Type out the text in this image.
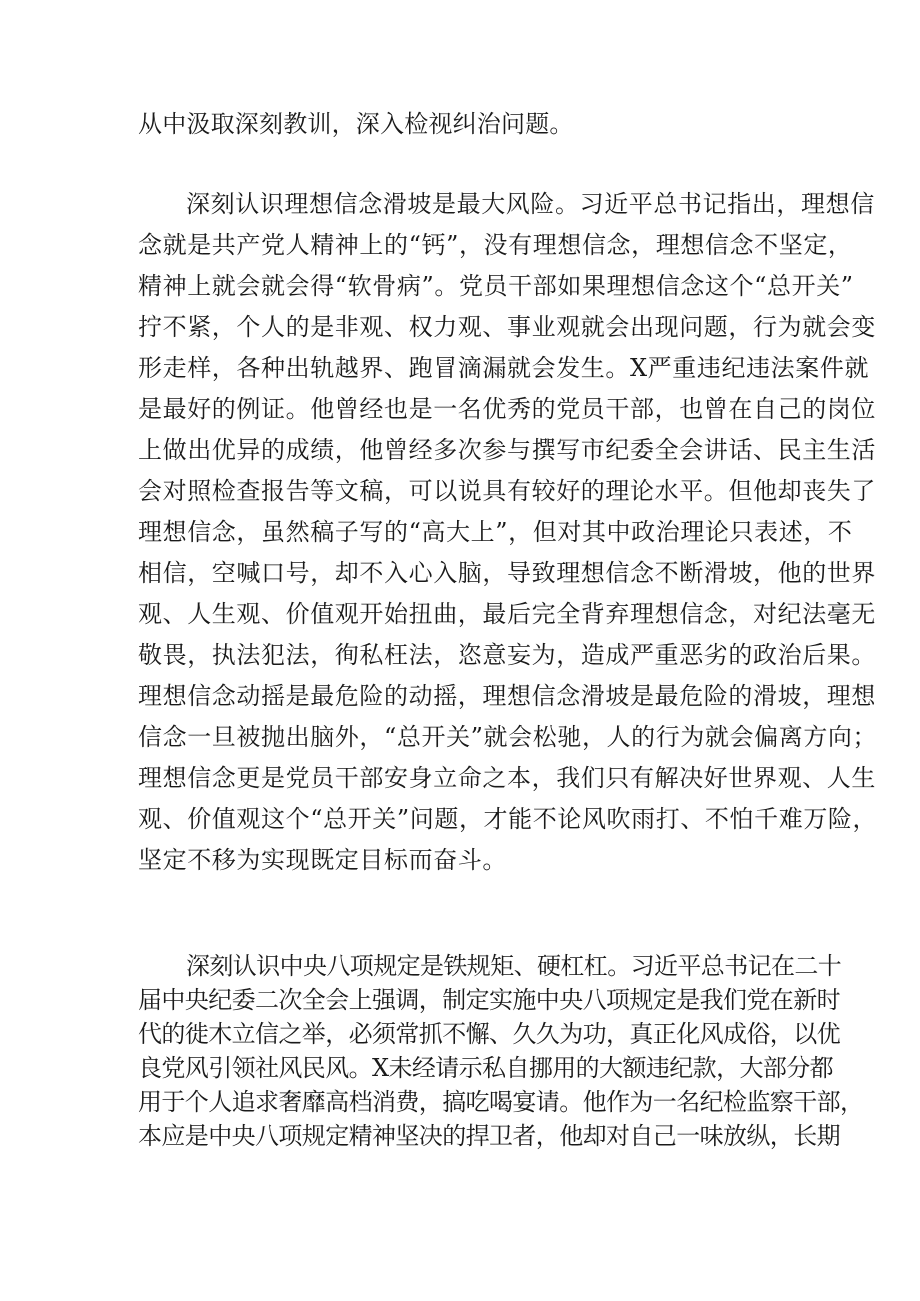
从中汲取深刻教训，深入检视纠治问题。
深刻认识理想信念滑坡是最大风险。习近平总书记指出，理想信
念就是共产党人精神上的“钙”，没有理想信念，理想信念不坚定，
精神上就会就会得“软骨病”。党员干部如果理想信念这个“总开关”
拧不紧，个人的是非观、权力观、事业观就会出现问题，行为就会变
形走样，各种出轨越界、跑冒滴漏就会发生。X严重违纪违法案件就
是最好的例证。他曾经也是一名优秀的党员干部，也曾在自己的岗位
上做出优异的成绩，他曾经多次参与撰写市纪委全会讲话、民主生活
会对照检查报告等文稿，可以说具有较好的理论水平。但他却丧失了
理想信念，虽然稿子写的“高大上”，但对其中政治理论只表述，不
相信，空喊口号，却不入心入脑，导致理想信念不断滑坡，他的世界
观、人生观、价值观开始扭曲，最后完全背弃理想信念，对纪法毫无
敬畏，执法犯法，徇私枉法，恣意妄为，造成严重恶劣的政治后果。
理想信念动摇是最危险的动摇，理想信念滑坡是最危险的滑坡，理想
信念一旦被抛出脑外，“总开关”就会松驰，人的行为就会偏离方向；
理想信念更是党员干部安身立命之本，我们只有解决好世界观、人生
观、价值观这个“总开关”问题，才能不论风吹雨打、不怕千难万险，
坚定不移为实现既定目标而奋斗。
深刻认识中央八项规定是铁规矩、硬杠杠。习近平总书记在二十
届中央纪委二次全会上强调，制定实施中央八项规定是我们党在新时
代的徙木立信之举，必须常抓不懈、久久为功，真正化风成俗，以优
良党风引领社风民风。X未经请示私自挪用的大额违纪款，大部分都
用于个人追求奢靡高档消费，搞吃喝宴请。他作为一名纪检监察干部，
本应是中央八项规定精神坚决的捍卫者，他却对自己一味放纵，长期
